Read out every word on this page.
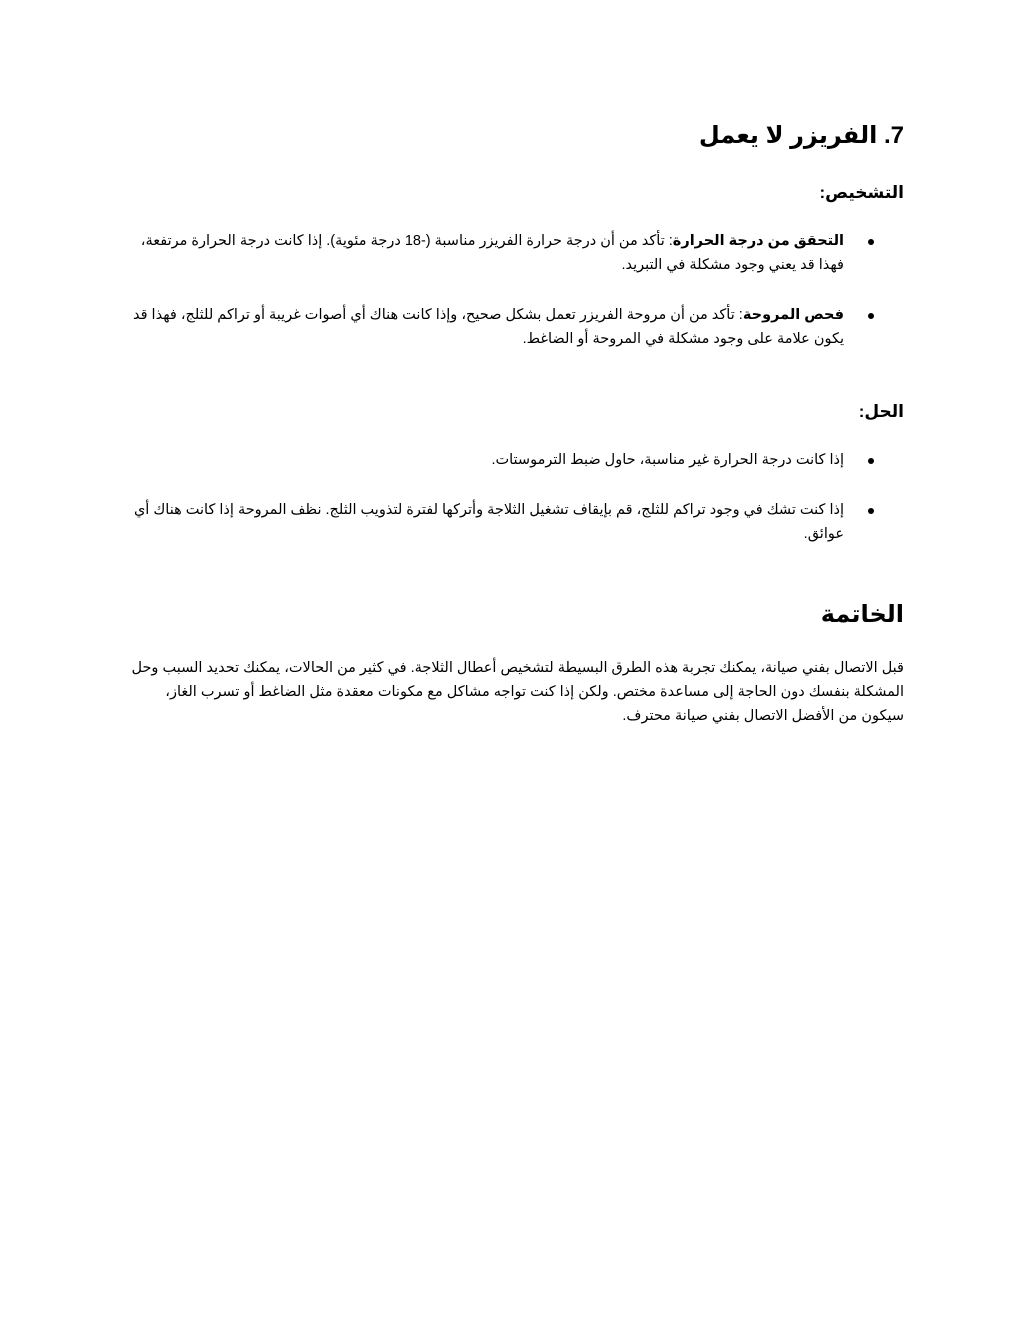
7. الفريزر لا يعمل
التشخيص:
التحقق من درجة الحرارة: تأكد من أن درجة حرارة الفريزر مناسبة (-18 درجة مئوية). إذا كانت درجة الحرارة مرتفعة، فهذا قد يعني وجود مشكلة في التبريد.
فحص المروحة: تأكد من أن مروحة الفريزر تعمل بشكل صحيح، وإذا كانت هناك أي أصوات غريبة أو تراكم للثلج، فهذا قد يكون علامة على وجود مشكلة في المروحة أو الضاغط.
الحل:
إذا كانت درجة الحرارة غير مناسبة، حاول ضبط الترموستات.
إذا كنت تشك في وجود تراكم للثلج، قم بإيقاف تشغيل الثلاجة وأتركها لفترة لتذويب الثلج. نظف المروحة إذا كانت هناك أي عوائق.
الخاتمة

قبل الاتصال بفني صيانة، يمكنك تجربة هذه الطرق البسيطة لتشخيص أعطال الثلاجة. في كثير من الحالات، يمكنك تحديد السبب وحل المشكلة بنفسك دون الحاجة إلى مساعدة مختص. ولكن إذا كنت تواجه مشاكل مع مكونات معقدة مثل الضاغط أو تسرب الغاز، سيكون من الأفضل الاتصال بفني صيانة محترف.
